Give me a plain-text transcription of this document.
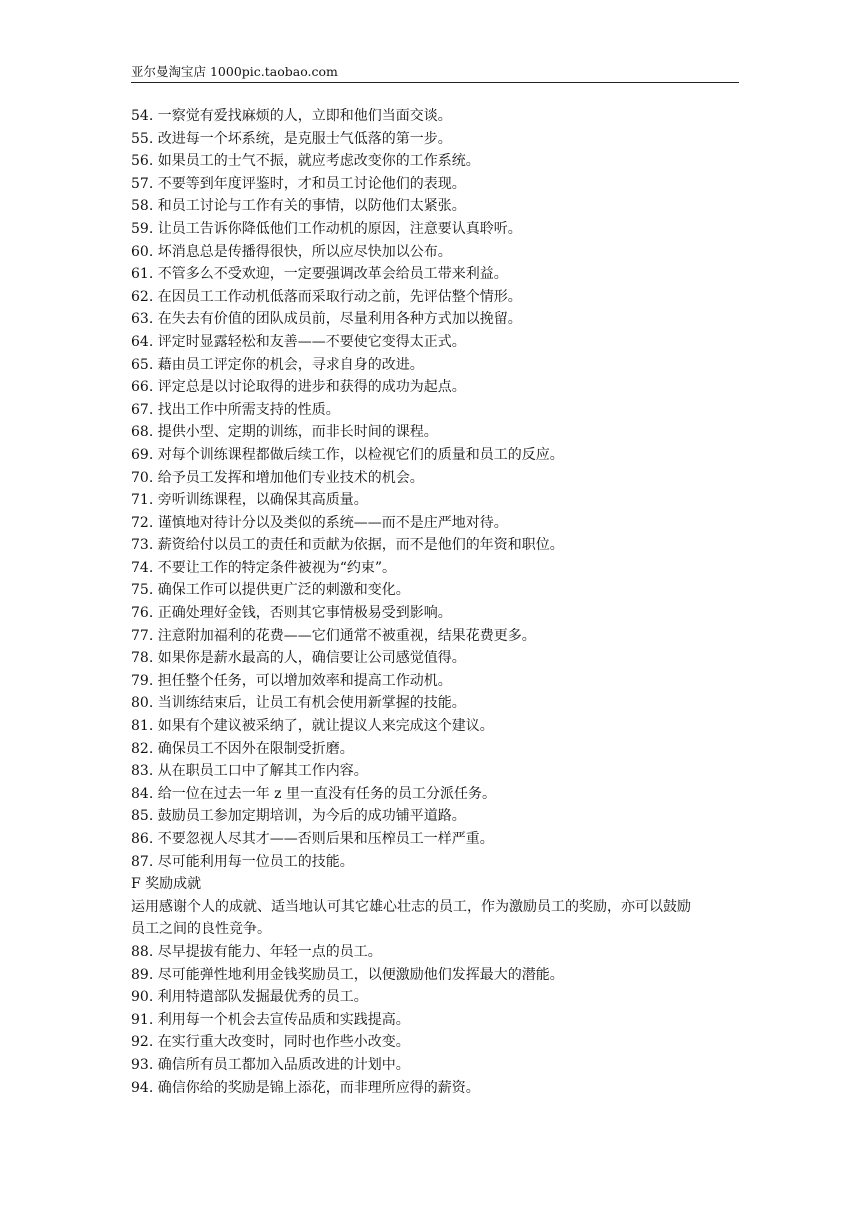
亚尔曼淘宝店 1000pic.taobao.com
54. 一察觉有爱找麻烦的人，立即和他们当面交谈。
55. 改进每一个坏系统，是克服士气低落的第一步。
56. 如果员工的士气不振，就应考虑改变你的工作系统。
57. 不要等到年度评鉴时，才和员工讨论他们的表现。
58. 和员工讨论与工作有关的事情，以防他们太紧张。
59. 让员工告诉你降低他们工作动机的原因，注意要认真聆听。
60. 坏消息总是传播得很快，所以应尽快加以公布。
61. 不管多么不受欢迎，一定要强调改革会给员工带来利益。
62. 在因员工工作动机低落而采取行动之前，先评估整个情形。
63. 在失去有价值的团队成员前，尽量利用各种方式加以挽留。
64. 评定时显露轻松和友善——不要使它变得太正式。
65. 藉由员工评定你的机会，寻求自身的改进。
66. 评定总是以讨论取得的进步和获得的成功为起点。
67. 找出工作中所需支持的性质。
68. 提供小型、定期的训练，而非长时间的课程。
69. 对每个训练课程都做后续工作，以检视它们的质量和员工的反应。
70. 给予员工发挥和增加他们专业技术的机会。
71. 旁听训练课程，以确保其高质量。
72. 谨慎地对待计分以及类似的系统——而不是庄严地对待。
73. 薪资给付以员工的责任和贡献为依据，而不是他们的年资和职位。
74. 不要让工作的特定条件被视为“约束”。
75. 确保工作可以提供更广泛的刺激和变化。
76. 正确处理好金钱，否则其它事情极易受到影响。
77. 注意附加福利的花费——它们通常不被重视，结果花费更多。
78. 如果你是薪水最高的人，确信要让公司感觉值得。
79. 担任整个任务，可以增加效率和提高工作动机。
80. 当训练结束后，让员工有机会使用新掌握的技能。
81. 如果有个建议被采纳了，就让提议人来完成这个建议。
82. 确保员工不因外在限制受折磨。
83. 从在职员工口中了解其工作内容。
84. 给一位在过去一年 z 里一直没有任务的员工分派任务。
85. 鼓励员工参加定期培训，为今后的成功铺平道路。
86. 不要忽视人尽其才——否则后果和压榨员工一样严重。
87. 尽可能利用每一位员工的技能。
F 奖励成就
运用感谢个人的成就、适当地认可其它雄心壮志的员工，作为激励员工的奖励，亦可以鼓励
员工之间的良性竞争。
88. 尽早提拔有能力、年轻一点的员工。
89. 尽可能弹性地利用金钱奖励员工，以便激励他们发挥最大的潜能。
90. 利用特遣部队发掘最优秀的员工。
91. 利用每一个机会去宣传品质和实践提高。
92. 在实行重大改变时，同时也作些小改变。
93. 确信所有员工都加入品质改进的计划中。
94. 确信你给的奖励是锦上添花，而非理所应得的薪资。
